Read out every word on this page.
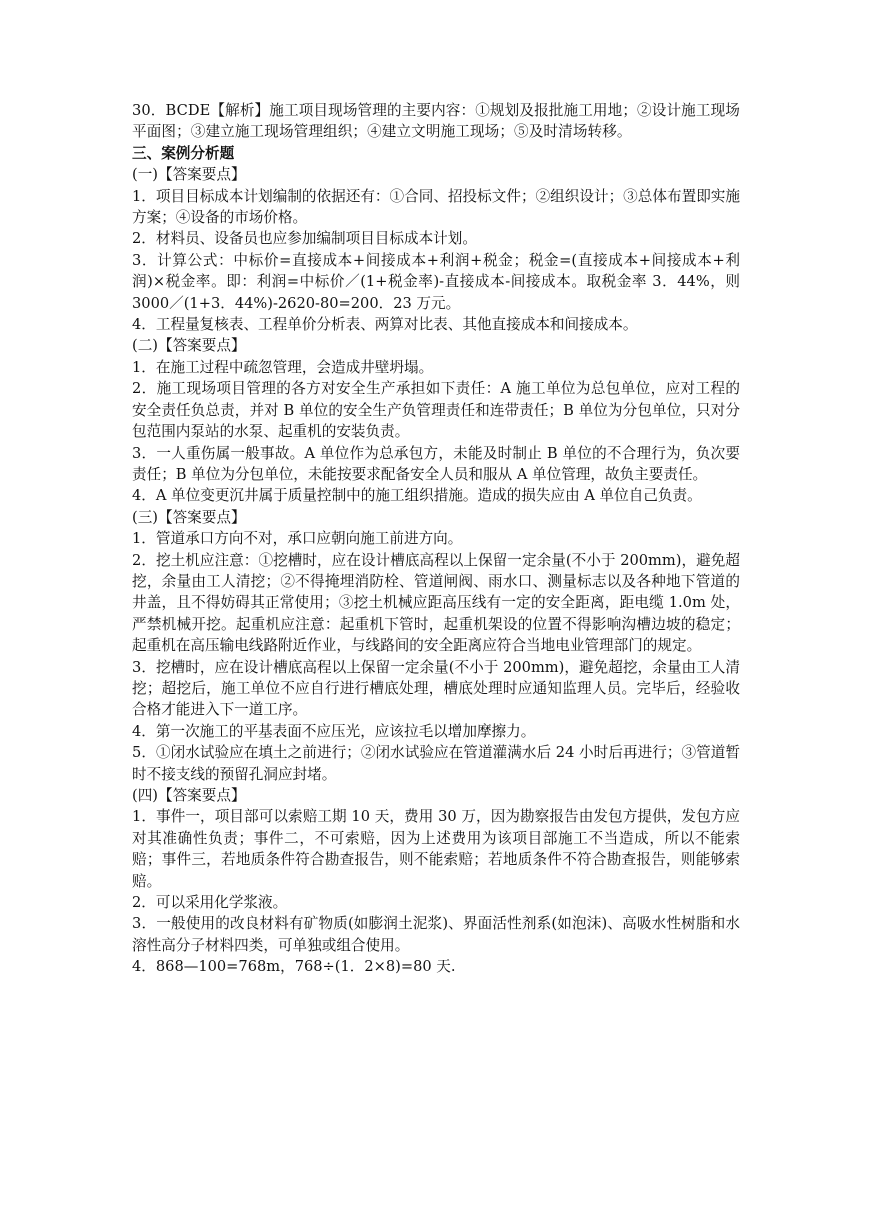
30．BCDE【解析】施工项目现场管理的主要内容：①规划及报批施工用地；②设计施工现场平面图；③建立施工现场管理组织；④建立文明施工现场；⑤及时清场转移。

三、案例分析题

(一)【答案要点】

1．项目目标成本计划编制的依据还有：①合同、招投标文件；②组织设计；③总体布置即实施方案；④设备的市场价格。

2．材料员、设备员也应参加编制项目目标成本计划。

3．计算公式：中标价=直接成本+间接成本+利润+税金；税金=(直接成本+间接成本+利润)×税金率。即：利润=中标价／(1+税金率)-直接成本-间接成本。取税金率 3．44%，则 3000／(1+3．44%)-2620-80=200．23 万元。

4．工程量复核表、工程单价分析表、两算对比表、其他直接成本和间接成本。

(二)【答案要点】

1．在施工过程中疏忽管理，会造成井壁坍塌。

2．施工现场项目管理的各方对安全生产承担如下责任：A 施工单位为总包单位，应对工程的安全责任负总责，并对 B 单位的安全生产负管理责任和连带责任；B 单位为分包单位，只对分包范围内泵站的水泵、起重机的安装负责。

3．一人重伤属一般事故。A 单位作为总承包方，未能及时制止 B 单位的不合理行为，负次要责任；B 单位为分包单位，未能按要求配备安全人员和服从 A 单位管理，故负主要责任。

4．A 单位变更沉井属于质量控制中的施工组织措施。造成的损失应由 A 单位自己负责。

(三)【答案要点】

1．管道承口方向不对，承口应朝向施工前进方向。

2．挖土机应注意：①挖槽时，应在设计槽底高程以上保留一定余量(不小于 200mm)，避免超挖，余量由工人清挖；②不得掩埋消防栓、管道闸阀、雨水口、测量标志以及各种地下管道的井盖，且不得妨碍其正常使用；③挖土机械应距高压线有一定的安全距离，距电缆 1.0m 处，严禁机械开挖。起重机应注意：起重机下管时，起重机架设的位置不得影响沟槽边坡的稳定；起重机在高压输电线路附近作业，与线路间的安全距离应符合当地电业管理部门的规定。

3．挖槽时，应在设计槽底高程以上保留一定余量(不小于 200mm)，避免超挖，余量由工人清挖；超挖后，施工单位不应自行进行槽底处理，槽底处理时应通知监理人员。完毕后，经验收合格才能进入下一道工序。

4．第一次施工的平基表面不应压光，应该拉毛以增加摩擦力。

5．①闭水试验应在填土之前进行；②闭水试验应在管道灌满水后 24 小时后再进行；③管道暂时不接支线的预留孔洞应封堵。

(四)【答案要点】

1．事件一，项目部可以索赔工期 10 天，费用 30 万，因为勘察报告由发包方提供，发包方应对其准确性负责；事件二，不可索赔，因为上述费用为该项目部施工不当造成，所以不能索赔；事件三，若地质条件符合勘查报告，则不能索赔；若地质条件不符合勘查报告，则能够索赔。

2．可以采用化学浆液。

3．一般使用的改良材料有矿物质(如膨润土泥浆)、界面活性剂系(如泡沫)、高吸水性树脂和水溶性高分子材料四类，可单独或组合使用。

4．868—100=768m，768÷(1．2×8)=80 天.
